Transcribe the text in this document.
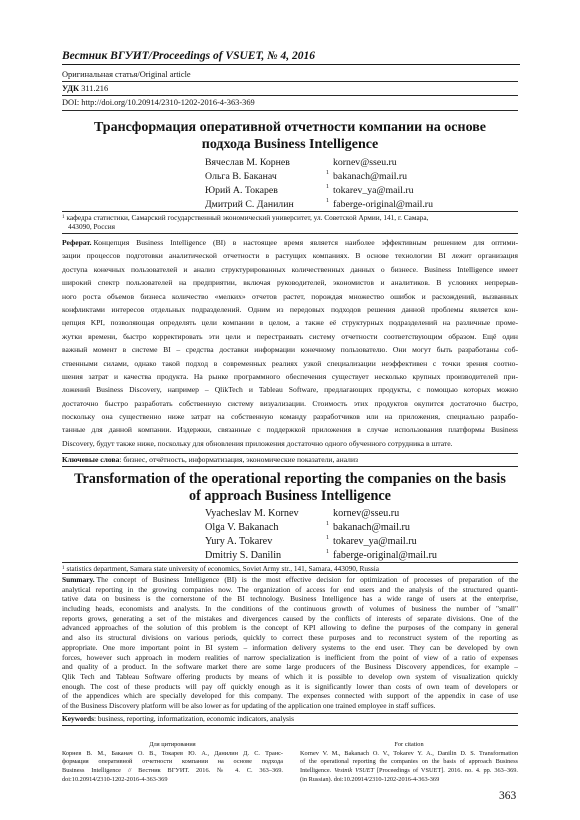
Вестник ВГУИТ/Proceedings of VSUET, № 4, 2016
Оригинальная статья/Original article
УДК 311.216
DOI: http://doi.org/10.20914/2310-1202-2016-4-363-369
Трансформация оперативной отчетности компании на основе
подхода Business Intelligence
Вячеслав М. Корнев	kornev@sseu.ru
Ольга В. Баканач	1 bakanach@mail.ru
Юрий А. Токарев	1 tokarev_ya@mail.ru
Дмитрий С. Данилин	1 faberge-original@mail.ru
$^1$ кафедра статистики, Самарский государственный экономический университет, ул. Советской Армии, 141, г. Самара,
443090, Россия
Реферат. Концепция Business Intelligence (BI) в настоящее время является наиболее эффективным решением для оптими-
зации процессов подготовки аналитической отчетности в растущих компаниях. В основе технологии BI лежит организация
доступа конечных пользователей и анализ структурированных количественных данных о бизнесе. Business Intelligence имеет
широкий спектр пользователей на предприятии, включая руководителей, экономистов и аналитиков. В условиях непрерыв-
ного роста объемов бизнеса количество «мелких» отчетов растет, порождая множество ошибок и расхождений, вызванных
конфликтами интересов отдельных подразделений. Одним из передовых подходов решения данной проблемы является кон-
цепция KPI, позволяющая определять цели компании в целом, а также её структурных подразделений на различные проме-
жутки времени, быстро корректировать эти цели и перестраивать систему отчетности соответствующим образом. Ещё один
важный момент в системе BI – средства доставки информации конечному пользователю. Они могут быть разработаны соб-
ственными силами, однако такой подход в современных реалиях узкой специализации неэффективен с точки зрения соотно-
шения затрат и качества продукта. На рынке программного обеспечения существует несколько крупных производителей при-
ложений Business Discovery, например – QlikTech и Tableau Software, предлагающих продукты, с помощью которых можно
достаточно быстро разработать собственную систему визуализации. Стоимость этих продуктов окупится достаточно быстро,
поскольку она существенно ниже затрат на собственную команду разработчиков или на приложения, специально разрабо-
танные для данной компании. Издержки, связанные с поддержкой приложения в случае использования платформы Business
Discovery, будут также ниже, поскольку для обновления приложения достаточно одного обученного сотрудника в штате.
Ключевые слова: бизнес, отчётность, информатизация, экономические показатели, анализ
Transformation of the operational reporting the companies on the basis
of approach Business Intelligence
Vyacheslav M. Kornev	kornev@sseu.ru
Olga V. Bakanach	1 bakanach@mail.ru
Yury A. Tokarev	1 tokarev_ya@mail.ru
Dmitriy S. Danilin	1 faberge-original@mail.ru
$^1$ statistics department, Samara state university of economics, Soviet Army str., 141, Samara, 443090, Russia
Summary. The concept of Business Intelligence (BI) is the most effective decision for optimization of processes of preparation of the
analytical reporting in the growing companies now. The organization of access for end users and the analysis of the structured quanti-
tative data on business is the cornerstone of the BI technology. Business Intelligence has a wide range of users at the enterprise,
including heads, economists and analysts. In the conditions of the continuous growth of volumes of business the number of "small"
reports grows, generating a set of the mistakes and divergences caused by the conflicts of interests of separate divisions. One of the
advanced approaches of the solution of this problem is the concept of KPI allowing to define the purposes of the company in general
and also its structural divisions on various periods, quickly to correct these purposes and to reconstruct system of the reporting as
appropriate. One more important point in BI system – information delivery systems to the end user. They can be developed by own
forces, however such approach in modern realities of narrow specialization is inefficient from the point of view of a ratio of expenses
and quality of a product. In the software market there are some large producers of the Business Discovery appendices, for example –
Qlik Tech and Tableau Software offering products by means of which it is possible to develop own system of visualization quickly
enough. The cost of these products will pay off quickly enough as it is significantly lower than costs of own team of developers or
of the appendices which are specially developed for this company. The expenses connected with support of the appendix in case of use
of the Business Discovery platform will be also lower as for updating of the application one trained employee in staff suffices.
Keywords: business, reporting, informatization, economic indicators, analysis
Для цитирования
Корнев В. М., Баканач О. В., Токарев Ю. А., Данилин Д. С. Транс-
формация оперативной отчетности компании на основе подхода
Business Intelligence // Вестник ВГУИТ. 2016. № 4. С. 363–369.
doi:10.20914/2310-1202-2016-4-363-369
For citation
Kornev V. M., Bakanach O. V., Tokarev Y. A., Danilin D. S. Transformation
of the operational reporting the companies on the basis of approach Business
Intelligence. Vestnik VSUET [Proceedings of VSUET]. 2016. no. 4. pp. 363–369.
(in Russian). doi:10.20914/2310-1202-2016-4-363-369
363
